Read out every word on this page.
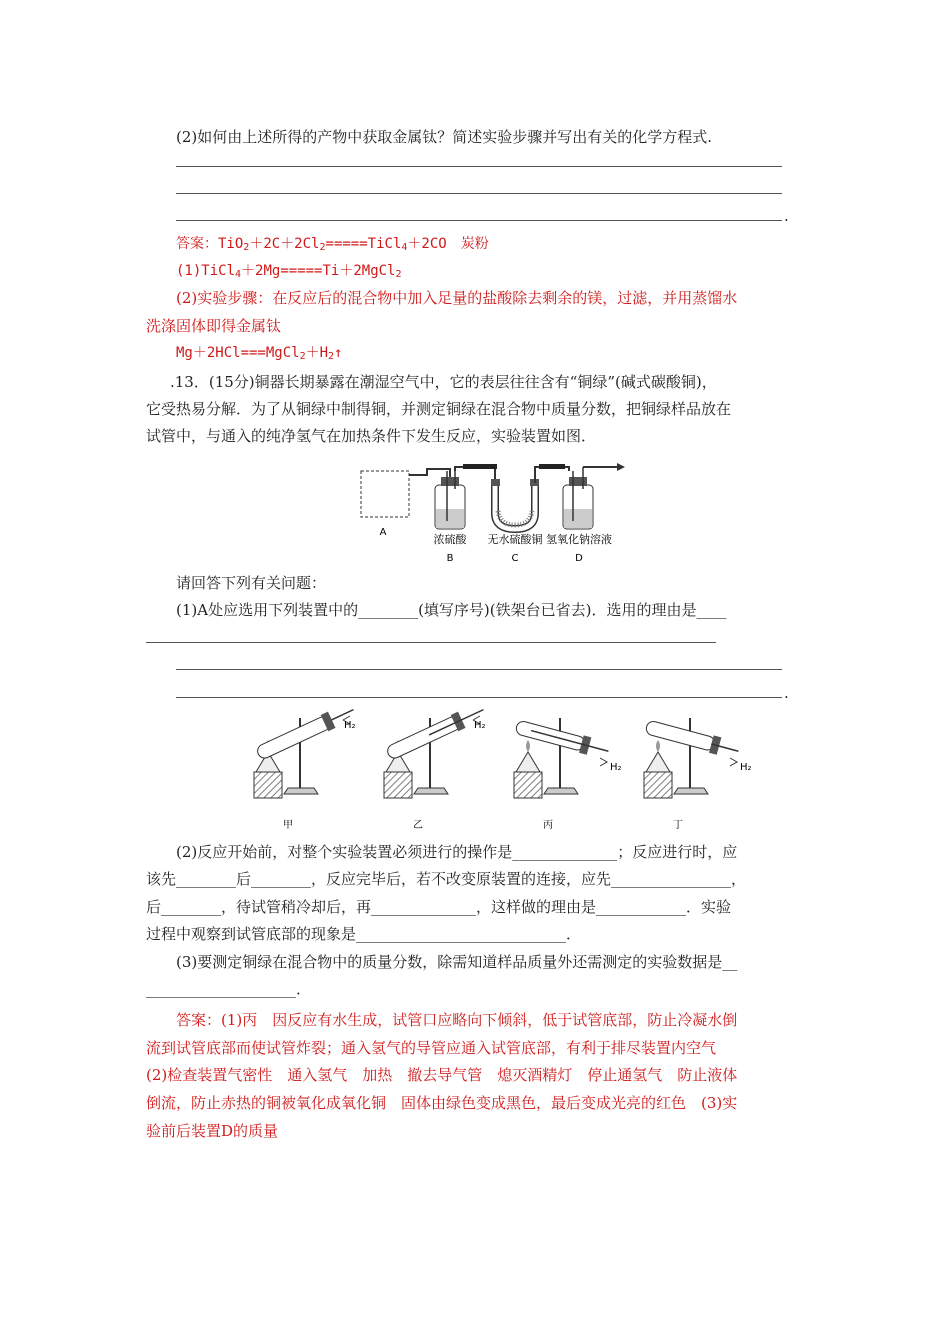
(2)如何由上述所得的产物中获取金属钛？简述实验步骤并写出有关的化学方程式.
.
答案：$TiO_2+2C+2Cl_2=====TiCl_4+2CO$　炭粉
(1)TiCl$_4$＋2Mg=====Ti＋2MgCl$_2$
(2)实验步骤：在反应后的混合物中加入足量的盐酸除去剩余的镁，过滤，并用蒸馏水
洗涤固体即得金属钛
$Mg+2HCl===MgCl_2+H_2↑$
.13．(15分)铜器长期暴露在潮湿空气中，它的表层往往含有“铜绿”(碱式碳酸铜)，
它受热易分解．为了从铜绿中制得铜，并测定铜绿在混合物中质量分数，把铜绿样品放在
试管中，与通入的纯净氢气在加热条件下发生反应，实验装置如图．
A
浓硫酸 无水硫酸铜 氢氧化钠溶液
B	C	D
请回答下列有关问题：
(1)A处应选用下列装置中的________(填写序号)(铁架台已省去)．选用的理由是____
.
H₂	H₂
H₂	H₂
甲	乙	丙	丁
(2)反应开始前，对整个实验装置必须进行的操作是______________；反应进行时，应
该先________后________，反应完毕后，若不改变原装置的连接，应先________________，
后________，待试管稍冷却后，再______________，这样做的理由是____________．实验
过程中观察到试管底部的现象是____________________________．
(3)要测定铜绿在混合物中的质量分数，除需知道样品质量外还需测定的实验数据是__
____________________．
答案：(1)丙　因反应有水生成，试管口应略向下倾斜，低于试管底部，防止冷凝水倒
流到试管底部而使试管炸裂；通入氢气的导管应通入试管底部，有利于排尽装置内空气
(2)检查装置气密性　通入氢气　加热　撤去导气管　熄灭酒精灯　停止通氢气　防止液体
倒流，防止赤热的铜被氧化成氧化铜　固体由绿色变成黑色，最后变成光亮的红色　(3)实
验前后装置D的质量
